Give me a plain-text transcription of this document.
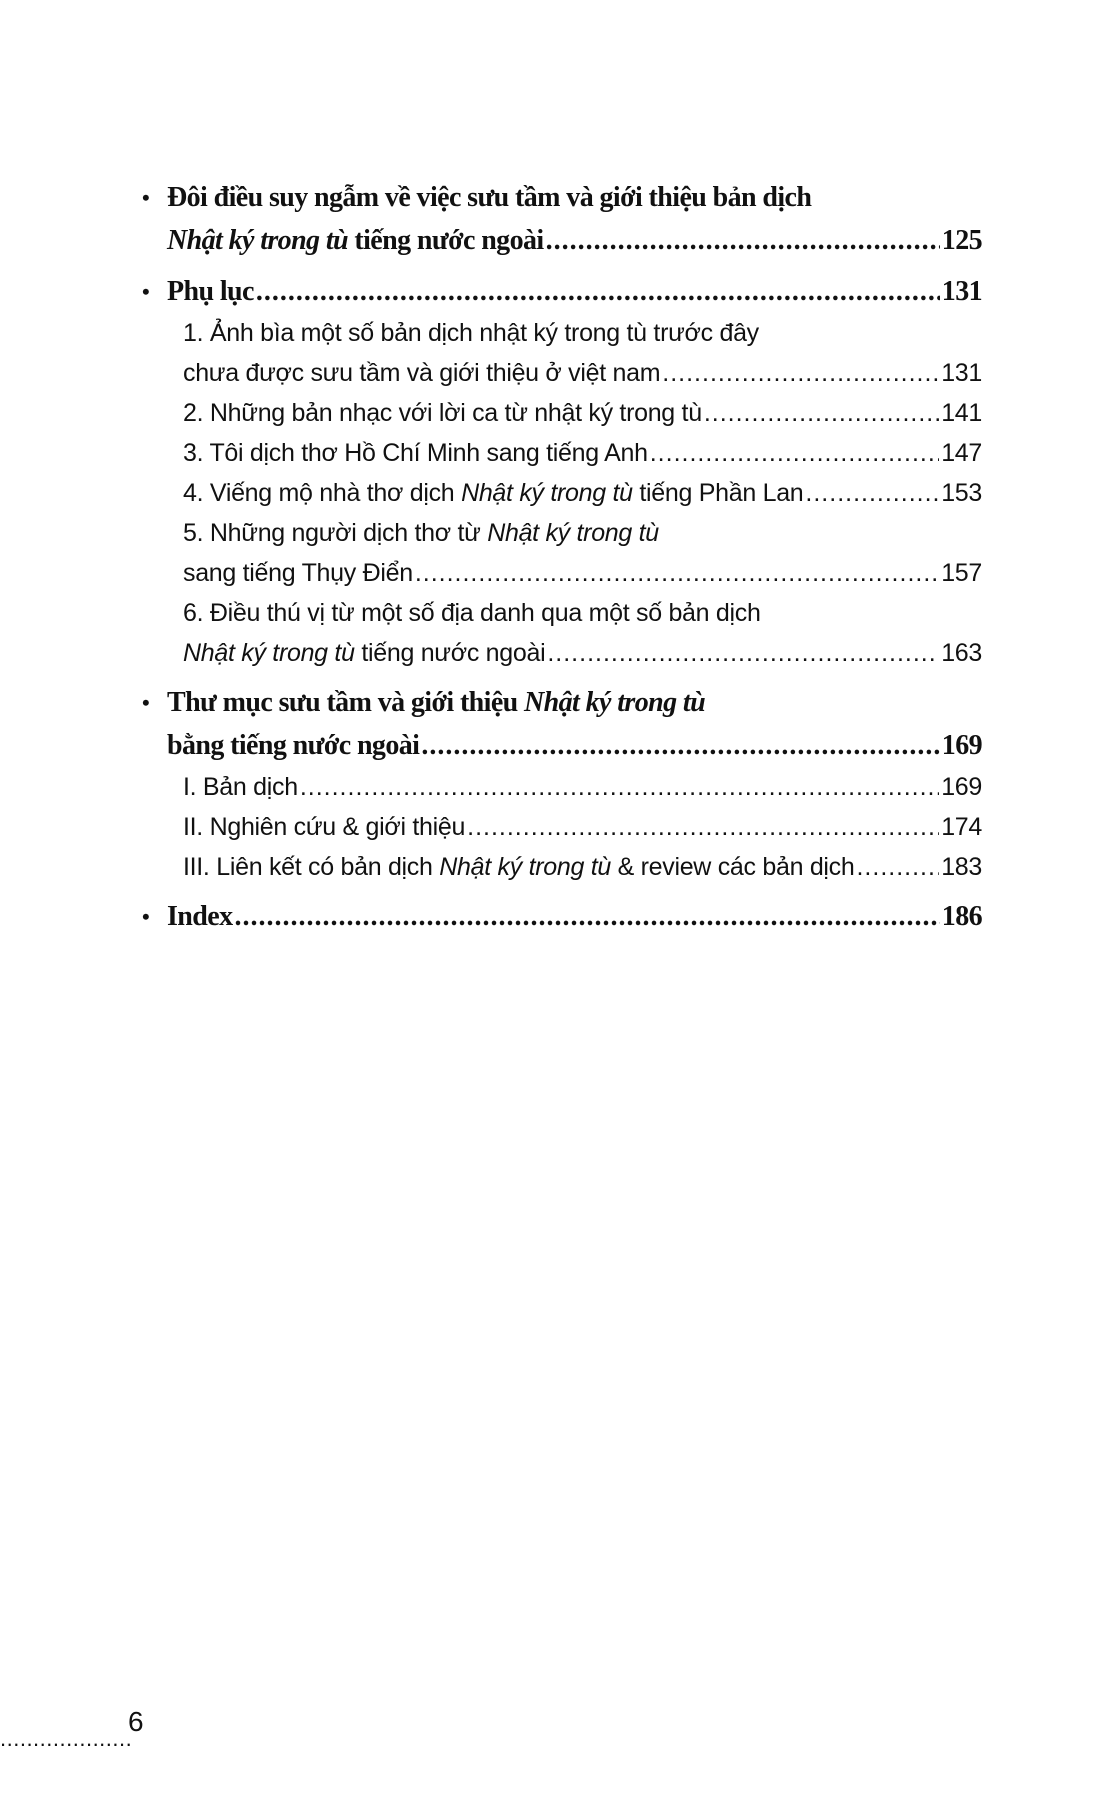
• Đôi điều suy ngẫm về việc sưu tầm và giới thiệu bản dịch
Nhật ký trong tù tiếng nước ngoài .....	125
• Phụ lục .....	131
1. Ảnh bìa một số bản dịch nhật ký trong tù trước đây
chưa được sưu tầm và giới thiệu ở việt nam .....	131
2. Những bản nhạc với lời ca từ nhật ký trong tù .....	141
3. Tôi dịch thơ Hồ Chí Minh sang tiếng Anh .....	147
4. Viếng mộ nhà thơ dịch Nhật ký trong tù tiếng Phần Lan .....	153
5. Những người dịch thơ từ Nhật ký trong tù
sang tiếng Thụy Điển .....	157
6. Điều thú vị từ một số địa danh qua một số bản dịch
Nhật ký trong tù tiếng nước ngoài .....	163
• Thư mục sưu tầm và giới thiệu Nhật ký trong tù
bằng tiếng nước ngoài .....	169
I. Bản dịch .....	169
II. Nghiên cứu & giới thiệu .....	174
III. Liên kết có bản dịch Nhật ký trong tù & review các bản dịch .....	183
• Index .....	186
....................
6
